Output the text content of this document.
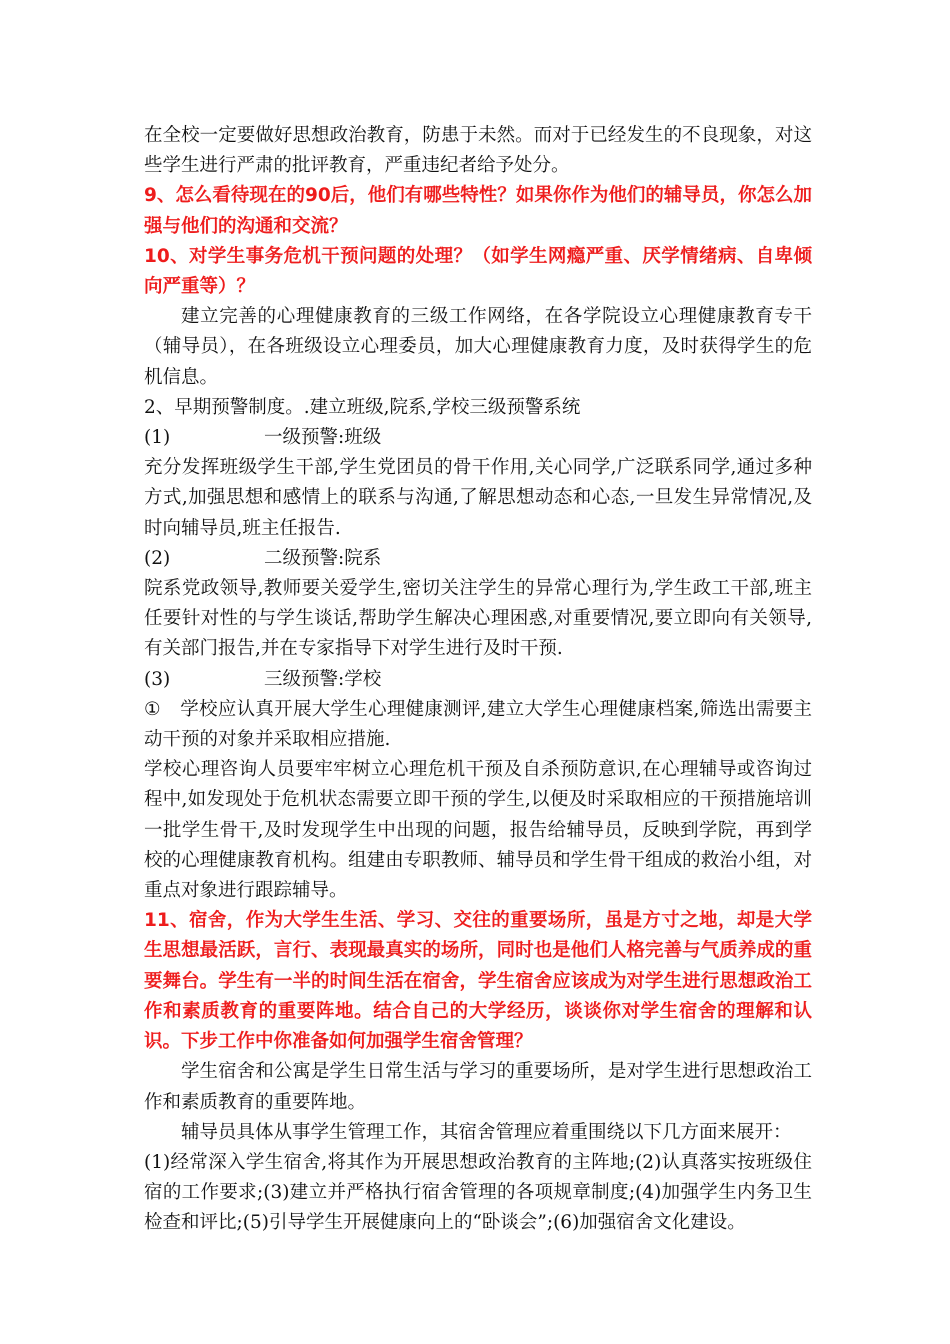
在全校一定要做好思想政治教育，防患于未然。而对于已经发生的不良现象，对这些学生进行严肃的批评教育，严重违纪者给予处分。

9、怎么看待现在的90后，他们有哪些特性？如果你作为他们的辅导员，你怎么加强与他们的沟通和交流？

10、对学生事务危机干预问题的处理？（如学生网瘾严重、厌学情绪病、自卑倾向严重等）？

建立完善的心理健康教育的三级工作网络，在各学院设立心理健康教育专干（辅导员），在各班级设立心理委员，加大心理健康教育力度，及时获得学生的危机信息。

2、早期预警制度。.建立班级,院系,学校三级预警系统

(1)	一级预警:班级

充分发挥班级学生干部,学生党团员的骨干作用,关心同学,广泛联系同学,通过多种方式,加强思想和感情上的联系与沟通,了解思想动态和心态,一旦发生异常情况,及时向辅导员,班主任报告.

(2)	二级预警:院系

院系党政领导,教师要关爱学生,密切关注学生的异常心理行为,学生政工干部,班主任要针对性的与学生谈话,帮助学生解决心理困惑,对重要情况,要立即向有关领导,有关部门报告,并在专家指导下对学生进行及时干预.

(3)	三级预警:学校

① 学校应认真开展大学生心理健康测评,建立大学生心理健康档案,筛选出需要主动干预的对象并采取相应措施.

学校心理咨询人员要牢牢树立心理危机干预及自杀预防意识,在心理辅导或咨询过程中,如发现处于危机状态需要立即干预的学生,以便及时采取相应的干预措施培训一批学生骨干,及时发现学生中出现的问题，报告给辅导员，反映到学院，再到学校的心理健康教育机构。组建由专职教师、辅导员和学生骨干组成的救治小组，对重点对象进行跟踪辅导。

11、宿舍，作为大学生生活、学习、交往的重要场所，虽是方寸之地，却是大学生思想最活跃，言行、表现最真实的场所，同时也是他们人格完善与气质养成的重要舞台。学生有一半的时间生活在宿舍，学生宿舍应该成为对学生进行思想政治工作和素质教育的重要阵地。结合自己的大学经历，谈谈你对学生宿舍的理解和认识。下步工作中你准备如何加强学生宿舍管理？

学生宿舍和公寓是学生日常生活与学习的重要场所，是对学生进行思想政治工作和素质教育的重要阵地。

辅导员具体从事学生管理工作，其宿舍管理应着重围绕以下几方面来展开：

(1)经常深入学生宿舍,将其作为开展思想政治教育的主阵地;(2)认真落实按班级住宿的工作要求;(3)建立并严格执行宿舍管理的各项规章制度;(4)加强学生内务卫生检查和评比;(5)引导学生开展健康向上的“卧谈会”;(6)加强宿舍文化建设。
